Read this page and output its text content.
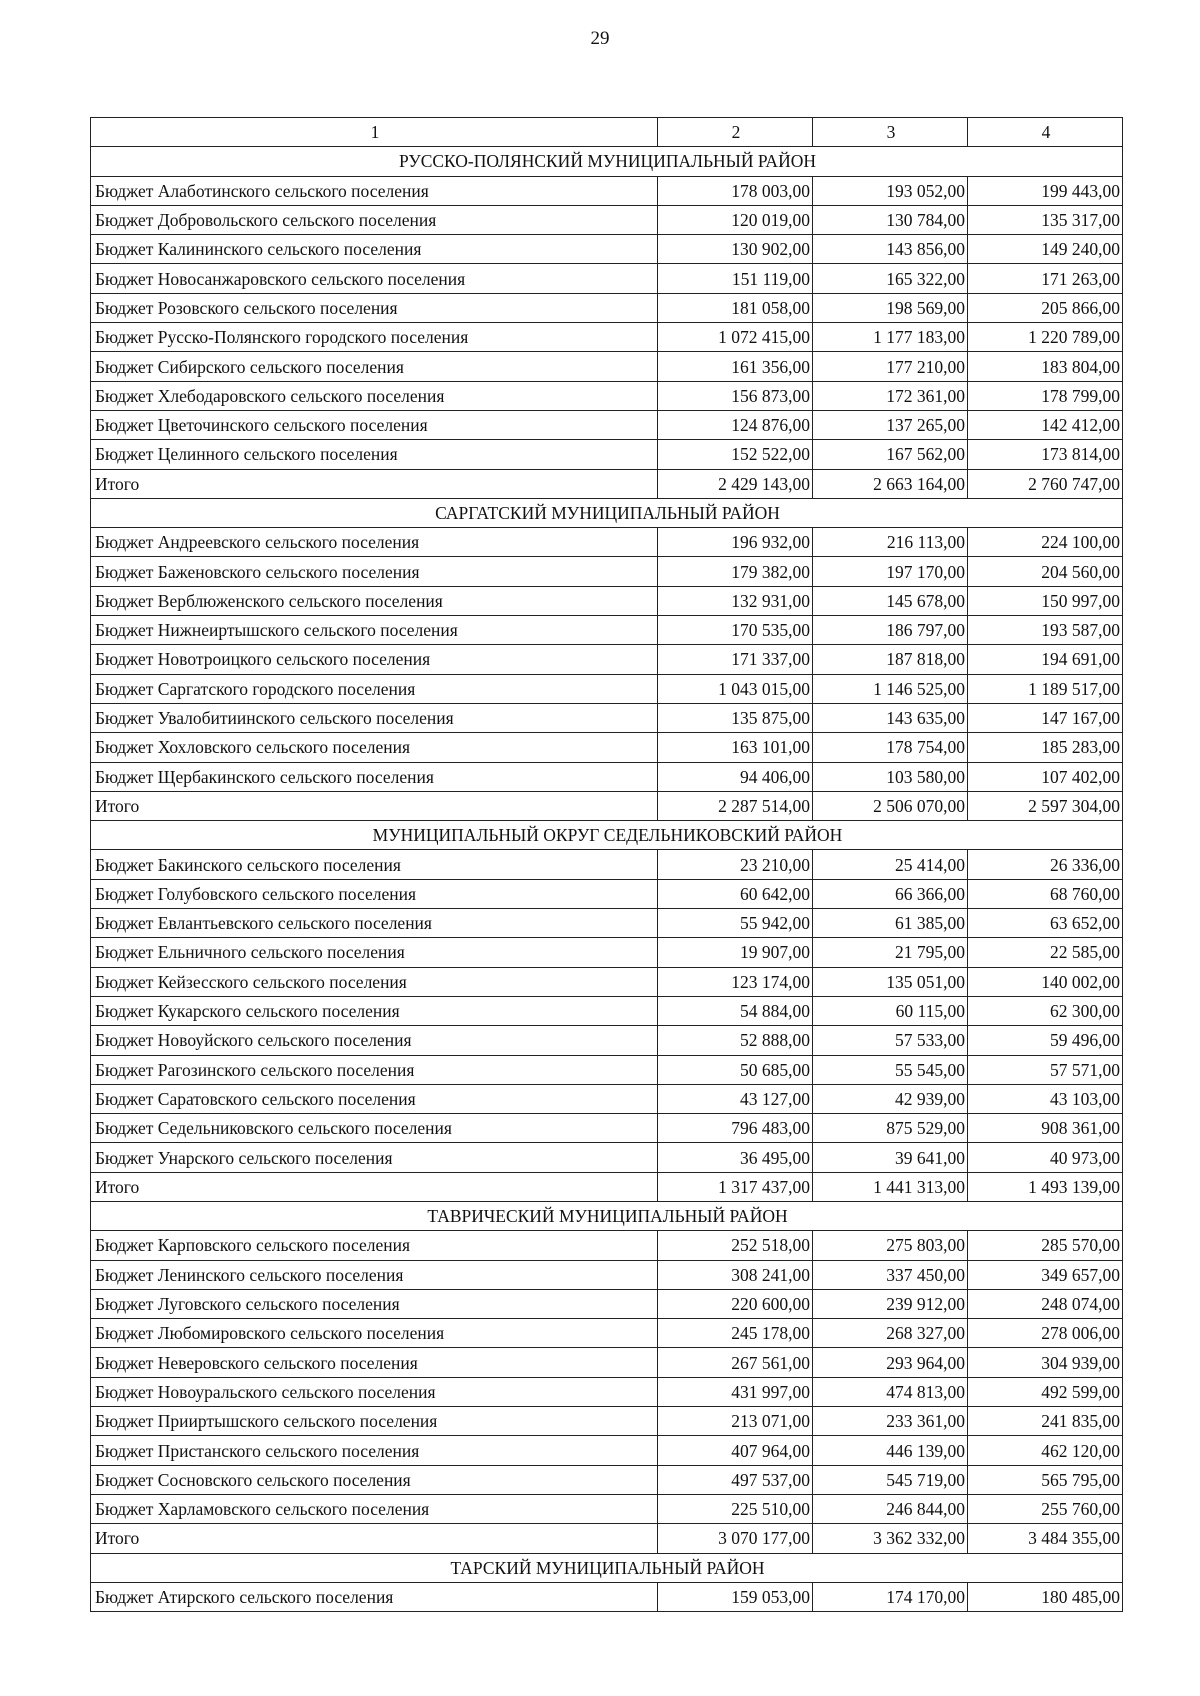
29
1	2	3	4
РУССКО-ПОЛЯНСКИЙ МУНИЦИПАЛЬНЫЙ РАЙОН			
Бюджет Алаботинского сельского поселения	178 003,00	193 052,00	199 443,00
Бюджет Добровольского сельского поселения	120 019,00	130 784,00	135 317,00
Бюджет Калининского сельского поселения	130 902,00	143 856,00	149 240,00
Бюджет Новосанжаровского сельского поселения	151 119,00	165 322,00	171 263,00
Бюджет Розовского сельского поселения	181 058,00	198 569,00	205 866,00
Бюджет Русско-Полянского городского поселения	1 072 415,00	1 177 183,00	1 220 789,00
Бюджет Сибирского сельского поселения	161 356,00	177 210,00	183 804,00
Бюджет Хлебодаровского сельского поселения	156 873,00	172 361,00	178 799,00
Бюджет Цветочинского сельского поселения	124 876,00	137 265,00	142 412,00
Бюджет Целинного сельского поселения	152 522,00	167 562,00	173 814,00
Итого	2 429 143,00	2 663 164,00	2 760 747,00
САРГАТСКИЙ МУНИЦИПАЛЬНЫЙ РАЙОН			
Бюджет Андреевского сельского поселения	196 932,00	216 113,00	224 100,00
Бюджет Баженовского сельского поселения	179 382,00	197 170,00	204 560,00
Бюджет Верблюженского сельского поселения	132 931,00	145 678,00	150 997,00
Бюджет Нижнеиртышского сельского поселения	170 535,00	186 797,00	193 587,00
Бюджет Новотроицкого сельского поселения	171 337,00	187 818,00	194 691,00
Бюджет Саргатского городского поселения	1 043 015,00	1 146 525,00	1 189 517,00
Бюджет Увалобитиинского сельского поселения	135 875,00	143 635,00	147 167,00
Бюджет Хохловского сельского поселения	163 101,00	178 754,00	185 283,00
Бюджет Щербакинского сельского поселения	94 406,00	103 580,00	107 402,00
Итого	2 287 514,00	2 506 070,00	2 597 304,00
МУНИЦИПАЛЬНЫЙ ОКРУГ СЕДЕЛЬНИКОВСКИЙ РАЙОН			
Бюджет Бакинского сельского поселения	23 210,00	25 414,00	26 336,00
Бюджет Голубовского сельского поселения	60 642,00	66 366,00	68 760,00
Бюджет Евлантьевского сельского поселения	55 942,00	61 385,00	63 652,00
Бюджет Ельничного сельского поселения	19 907,00	21 795,00	22 585,00
Бюджет Кейзесского сельского поселения	123 174,00	135 051,00	140 002,00
Бюджет Кукарского сельского поселения	54 884,00	60 115,00	62 300,00
Бюджет Новоуйского сельского поселения	52 888,00	57 533,00	59 496,00
Бюджет Рагозинского сельского поселения	50 685,00	55 545,00	57 571,00
Бюджет Саратовского сельского поселения	43 127,00	42 939,00	43 103,00
Бюджет Седельниковского сельского поселения	796 483,00	875 529,00	908 361,00
Бюджет Унарского сельского поселения	36 495,00	39 641,00	40 973,00
Итого	1 317 437,00	1 441 313,00	1 493 139,00
ТАВРИЧЕСКИЙ МУНИЦИПАЛЬНЫЙ РАЙОН			
Бюджет Карповского сельского поселения	252 518,00	275 803,00	285 570,00
Бюджет Ленинского сельского поселения	308 241,00	337 450,00	349 657,00
Бюджет Луговского сельского поселения	220 600,00	239 912,00	248 074,00
Бюджет Любомировского сельского поселения	245 178,00	268 327,00	278 006,00
Бюджет Неверовского сельского поселения	267 561,00	293 964,00	304 939,00
Бюджет Новоуральского сельского поселения	431 997,00	474 813,00	492 599,00
Бюджет Прииртышского сельского поселения	213 071,00	233 361,00	241 835,00
Бюджет Пристанского сельского поселения	407 964,00	446 139,00	462 120,00
Бюджет Сосновского сельского поселения	497 537,00	545 719,00	565 795,00
Бюджет Харламовского сельского поселения	225 510,00	246 844,00	255 760,00
Итого	3 070 177,00	3 362 332,00	3 484 355,00
ТАРСКИЙ МУНИЦИПАЛЬНЫЙ РАЙОН			
Бюджет Атирского сельского поселения	159 053,00	174 170,00	180 485,00
